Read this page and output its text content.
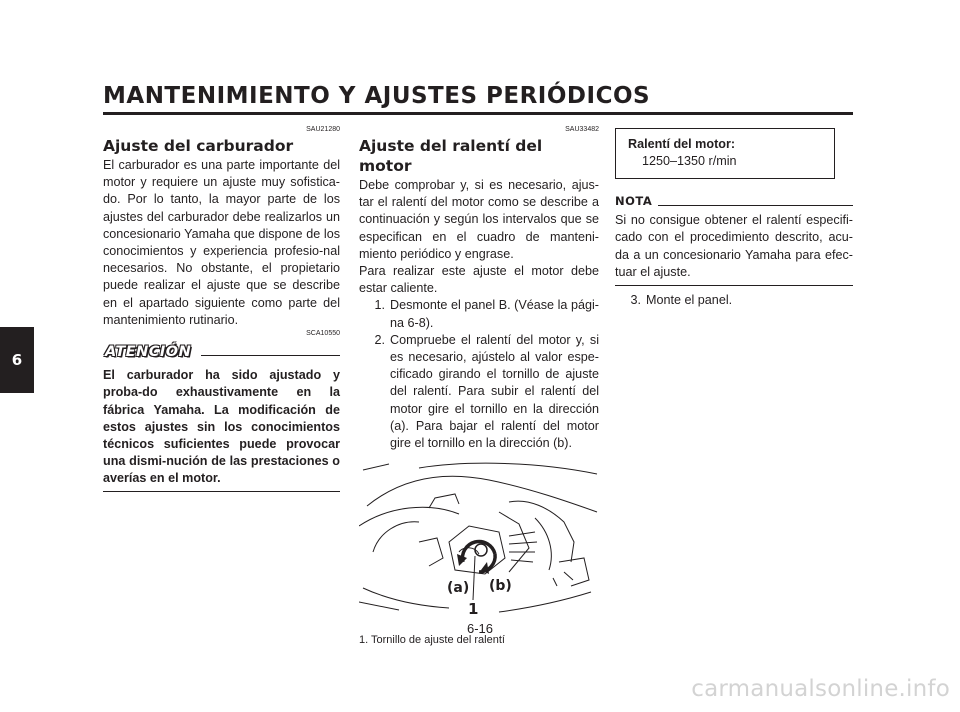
MANTENIMIENTO Y AJUSTES PERIÓDICOS
6
SAU21280
Ajuste del carburador

El carburador es una parte importante del motor y requiere un ajuste muy sofistica-do. Por lo tanto, la mayor parte de los ajustes del carburador debe realizarlos un concesionario Yamaha que dispone de los conocimientos y experiencia profesio-nal necesarios. No obstante, el propietario puede realizar el ajuste que se describe en el apartado siguiente como parte del mantenimiento rutinario.

SCA10550
ATENCIÓN

El carburador ha sido ajustado y proba-do exhaustivamente en la fábrica Yamaha. La modificación de estos ajustes sin los conocimientos técnicos suficientes puede provocar una dismi-nución de las prestaciones o averías en el motor.

SAU33482
Ajuste del ralentí del motor

Debe comprobar y, si es necesario, ajus-tar el ralentí del motor como se describe a continuación y según los intervalos que se especifican en el cuadro de manteni-miento periódico y engrase.

Para realizar este ajuste el motor debe estar caliente.

1. Desmonte el panel B. (Véase la pági-na 6-8).
2. Compruebe el ralentí del motor y, si es necesario, ajústelo al valor espe-cificado girando el tornillo de ajuste del ralentí. Para subir el ralentí del motor gire el tornillo en la dirección (a). Para bajar el ralentí del motor gire el tornillo en la dirección (b).
(a) (b)
1
1. Tornillo de ajuste del ralentí
Ralentí del motor:
1250–1350 r/min
NOTA

Si no consigue obtener el ralentí especifi-cado con el procedimiento descrito, acu-da a un concesionario Yamaha para efec-tuar el ajuste.

3. Monte el panel.
6-16
carmanualsonline.info
